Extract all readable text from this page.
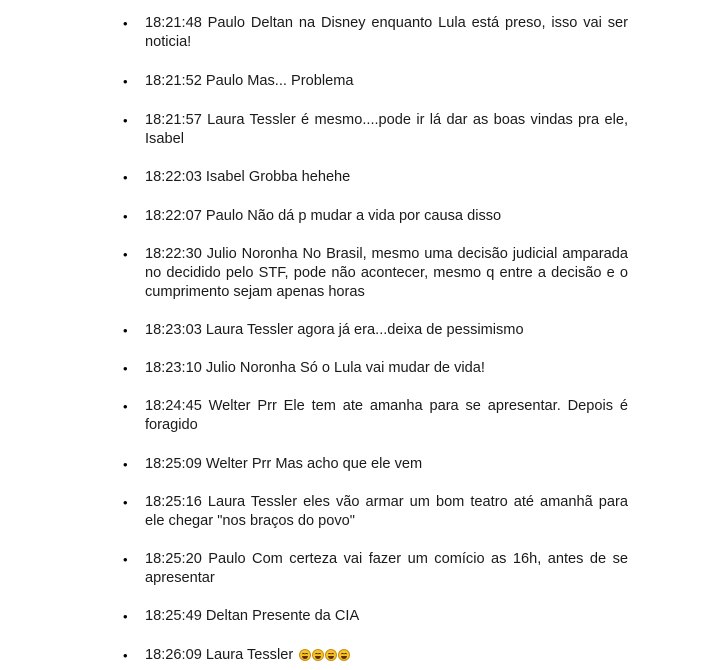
• 18:21:48 Paulo Deltan na Disney enquanto Lula está preso, isso vai ser noticia!
• 18:21:52 Paulo Mas... Problema
• 18:21:57 Laura Tessler é mesmo....pode ir lá dar as boas vindas pra ele, Isabel
• 18:22:03 Isabel Grobba hehehe
• 18:22:07 Paulo Não dá p mudar a vida por causa disso
• 18:22:30 Julio Noronha No Brasil, mesmo uma decisão judicial amparada no decidido pelo STF, pode não acontecer, mesmo q entre a decisão e o cumprimento sejam apenas horas
• 18:23:03 Laura Tessler agora já era...deixa de pessimismo
• 18:23:10 Julio Noronha Só o Lula vai mudar de vida!
• 18:24:45 Welter Prr Ele tem ate amanha para se apresentar. Depois é foragido
• 18:25:09 Welter Prr Mas acho que ele vem
• 18:25:16 Laura Tessler eles vão armar um bom teatro até amanhã para ele chegar "nos braços do povo"
• 18:25:20 Paulo Com certeza vai fazer um comício as 16h, antes de se apresentar
• 18:25:49 Deltan Presente da CIA
• 18:26:09 Laura Tessler
